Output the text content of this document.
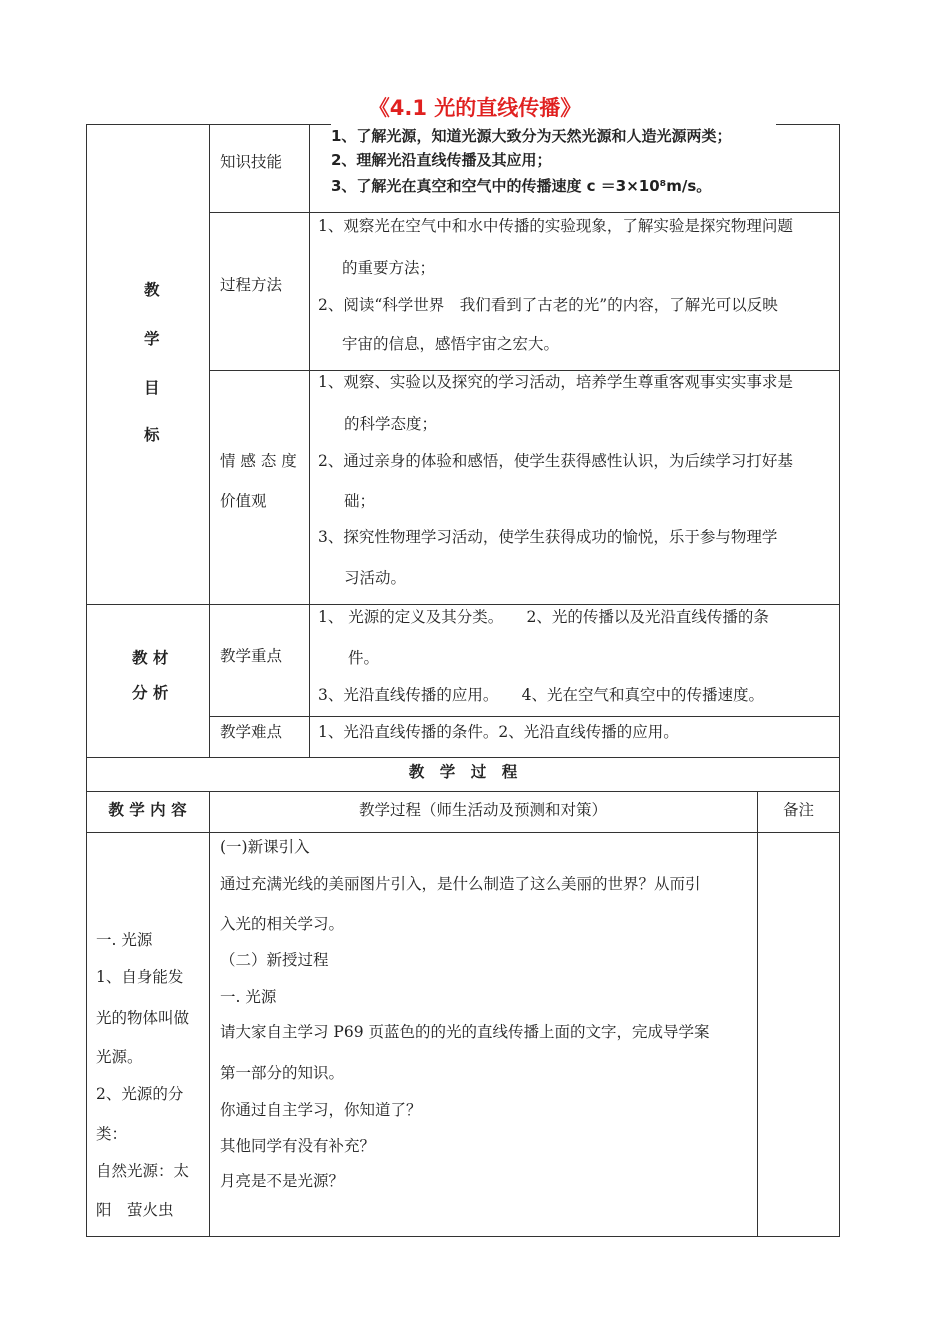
《4.1 光的直线传播》
教
学
目
标
知识技能
1、了解光源，知道光源大致分为天然光源和人造光源两类；
2、理解光沿直线传播及其应用；
3、了解光在真空和空气中的传播速度 c ＝3×10⁸m/s。
过程方法
1、观察光在空气中和水中传播的实验现象，了解实验是探究物理问题
的重要方法；
2、阅读“科学世界　我们看到了古老的光”的内容，了解光可以反映
宇宙的信息，感悟宇宙之宏大。
情 感 态 度
价值观
1、观察、实验以及探究的学习活动，培养学生尊重客观事实实事求是
的科学态度；
2、通过亲身的体验和感悟，使学生获得感性认识，为后续学习打好基
础；
3、探究性物理学习活动，使学生获得成功的愉悦，乐于参与物理学
习活动。
教 材
分 析
教学重点
1、 光源的定义及其分类。　　2、光的传播以及光沿直线传播的条
件。
3、光沿直线传播的应用。　　4、光在空气和真空中的传播速度。
教学难点 1、光沿直线传播的条件。2、光沿直线传播的应用。
教　学　过　程
教 学 内 容	教学过程（师生活动及预测和对策）	备注
一. 光源
1、自身能发
光的物体叫做
光源。
2、光源的分
类：
自然光源：太
阳　萤火虫
(一)新课引入
通过充满光线的美丽图片引入，是什么制造了这么美丽的世界？从而引
入光的相关学习。
（二）新授过程
一. 光源
请大家自主学习 P69 页蓝色的的光的直线传播上面的文字，完成导学案
第一部分的知识。
你通过自主学习，你知道了？
其他同学有没有补充？
月亮是不是光源？
